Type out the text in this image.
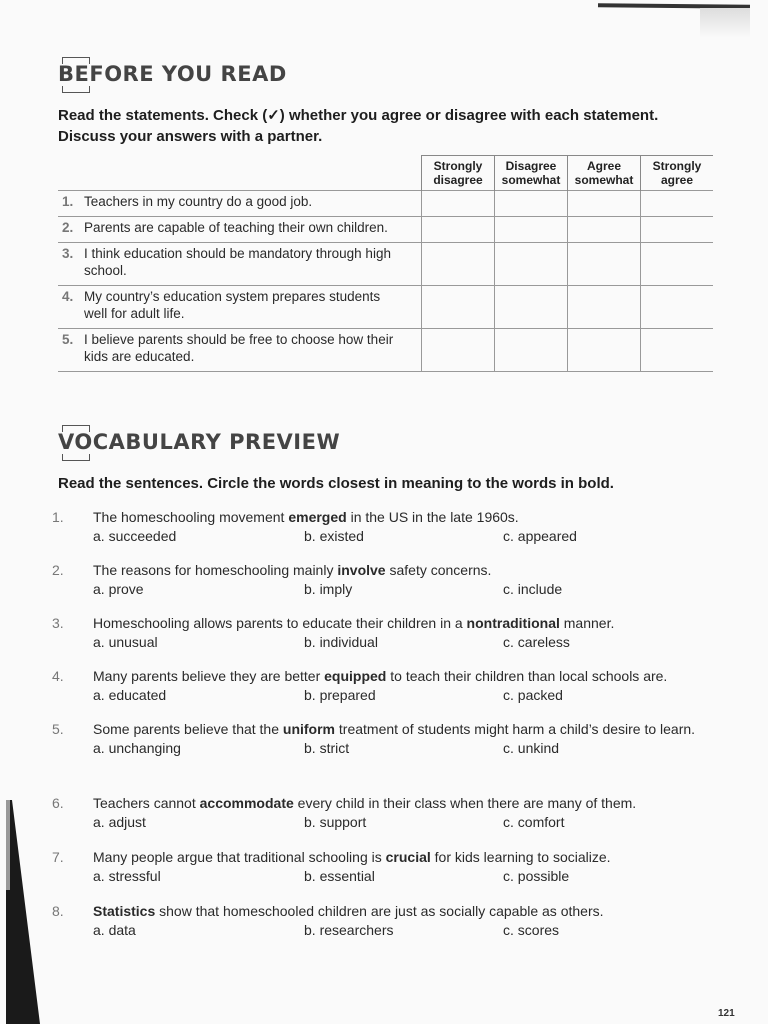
BEFORE YOU READ
Read the statements. Check (✓) whether you agree or disagree with each statement. Discuss your answers with a partner.
	Strongly disagree	Disagree somewhat	Agree somewhat	Strongly agree
1. Teachers in my country do a good job.				
2. Parents are capable of teaching their own children.				
3. I think education should be mandatory through high school.				
4. My country’s education system prepares students well for adult life.				
5. I believe parents should be free to choose how their kids are educated.				
VOCABULARY PREVIEW
Read the sentences. Circle the words closest in meaning to the words in bold.
1.	The homeschooling movement emerged in the US in the late 1960s.
a. succeeded	b. existed	c. appeared
2.	The reasons for homeschooling mainly involve safety concerns.
a. prove	b. imply	c. include
3.	Homeschooling allows parents to educate their children in a nontraditional manner.
a. unusual	b. individual	c. careless
4.	Many parents believe they are better equipped to teach their children than local schools are.
a. educated	b. prepared	c. packed
5.	Some parents believe that the uniform treatment of students might harm a child’s desire to learn.
a. unchanging	b. strict	c. unkind
6.	Teachers cannot accommodate every child in their class when there are many of them.
a. adjust	b. support	c. comfort
7.	Many people argue that traditional schooling is crucial for kids learning to socialize.
a. stressful	b. essential	c. possible
8.	Statistics show that homeschooled children are just as socially capable as others.
a. data	b. researchers	c. scores
121
